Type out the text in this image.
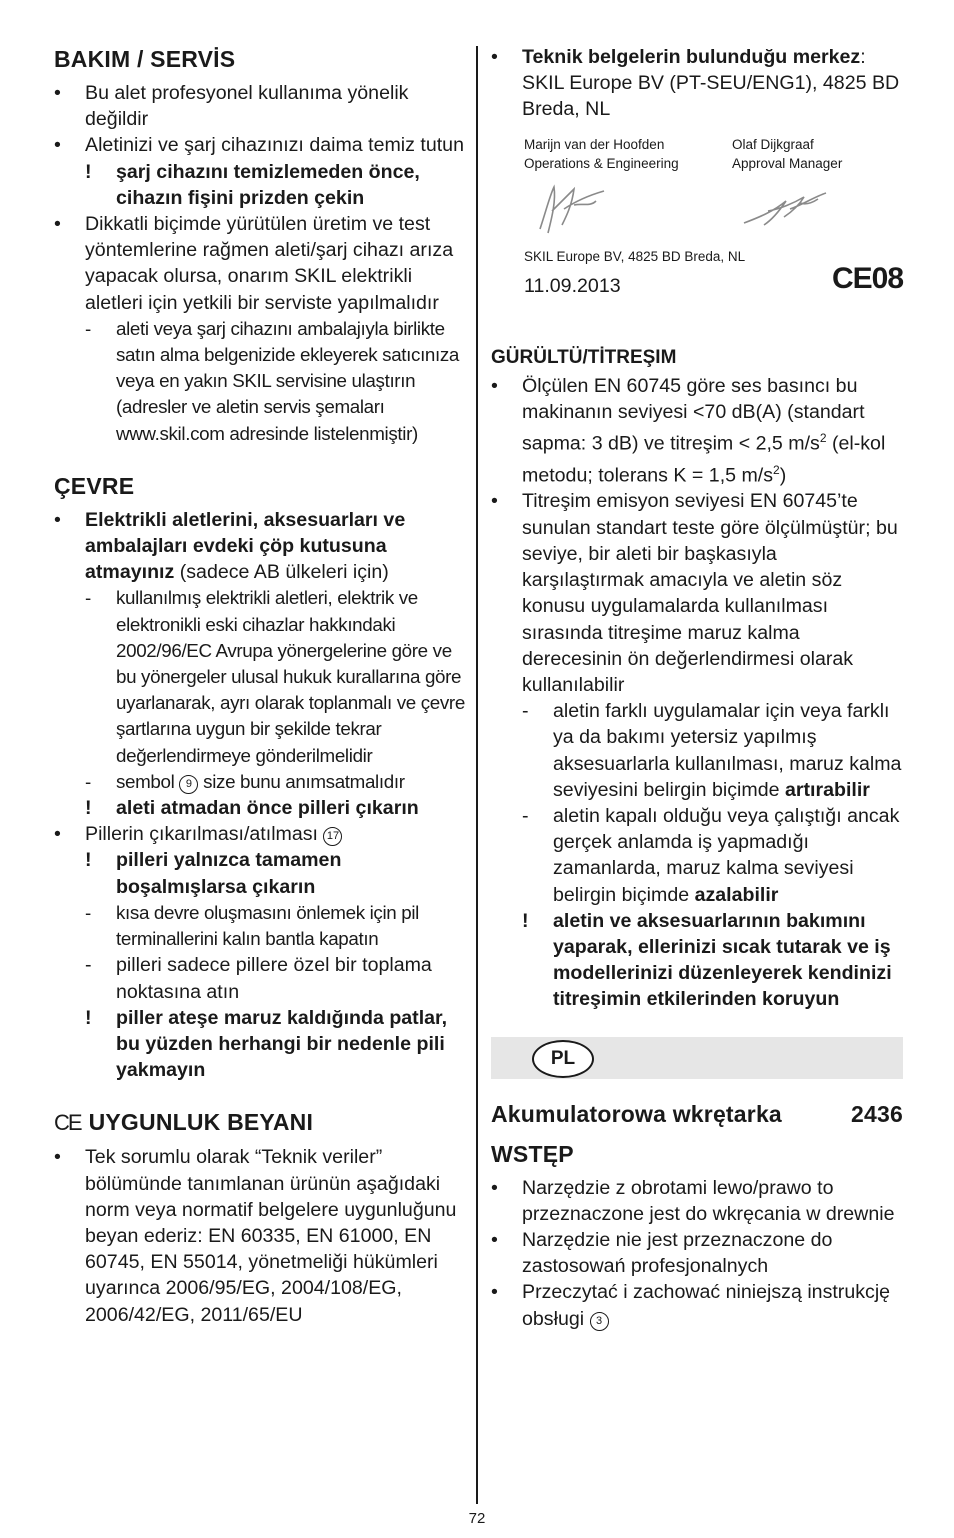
BAKIM / SERVİS
•	Bu alet profesyonel kullanıma yönelik değildir
•	Aletinizi ve şarj cihazınızı daima temiz tutun
!	şarj cihazını temizlemeden önce, cihazın fişini prizden çekin
•	Dikkatli biçimde yürütülen üretim ve test yöntemlerine rağmen aleti/şarj cihazı arıza yapacak olursa, onarım SKIL elektrikli aletleri için yetkili bir serviste yapılmalıdır
-	aleti veya şarj cihazını ambalajıyla birlikte satın alma belgenizide ekleyerek satıcınıza veya en yakın SKIL servisine ulaştırın (adresler ve aletin servis şemaları www.skil.com adresinde listelenmiştir)
ÇEVRE
•	Elektrikli aletlerini, aksesuarları ve ambalajları evdeki çöp kutusuna atmayınız (sadece AB ülkeleri için)
-	kullanılmış elektrikli aletleri, elektrik ve elektronikli eski cihazlar hakkındaki 2002/96/EC Avrupa yönergelerine göre ve bu yönergeler ulusal hukuk kurallarına göre uyarlanarak, ayrı olarak toplanmalı ve çevre şartlarına uygun bir şekilde tekrar değerlendirmeye gönderilmelidir
-	sembol 9 size bunu anımsatmalıdır
!	aleti atmadan önce pilleri çıkarın
•	Pillerin çıkarılması/atılması 17
!	pilleri yalnızca tamamen boşalmışlarsa çıkarın
-	kısa devre oluşmasını önlemek için pil terminallerini kalın bantla kapatın
-	pilleri sadece pillere özel bir toplama noktasına atın
!	piller ateşe maruz kaldığında patlar, bu yüzden herhangi bir nedenle pili yakmayın
CE UYGUNLUK BEYANI
•	Tek sorumlu olarak “Teknik veriler” bölümünde tanımlanan ürünün aşağıdaki norm veya normatif belgelere uygunluğunu beyan ederiz: EN 60335, EN 61000, EN 60745, EN 55014, yönetmeliği hükümleri uyarınca 2006/95/EG, 2004/108/EG, 2006/42/EG, 2011/65/EU
•	Teknik belgelerin bulunduğu merkez: SKIL Europe BV (PT-SEU/ENG1), 4825 BD Breda, NL
Marijn van der Hoofden
Operations & Engineering
Olaf Dijkgraaf
Approval Manager
SKIL Europe BV, 4825 BD Breda, NL
11.09.2013	CE08
GÜRÜLTÜ/TİTREŞIM
•	Ölçülen EN 60745 göre ses basıncı bu makinanın seviyesi <70 dB(A) (standart sapma: 3 dB) ve titreşim < 2,5 $m/s^2$ (el-kol metodu; tolerans K = 1,5 $m/s^2$)
•	Titreşim emisyon seviyesi EN 60745’te sunulan standart teste göre ölçülmüştür; bu seviye, bir aleti bir başkasıyla karşılaştırmak amacıyla ve aletin söz konusu uygulamalarda kullanılması sırasında titreşime maruz kalma derecesinin ön değerlendirmesi olarak kullanılabilir
-	aletin farklı uygulamalar için veya farklı ya da bakımı yetersiz yapılmış aksesuarlarla kullanılması, maruz kalma seviyesini belirgin biçimde artırabilir
-	aletin kapalı olduğu veya çalıştığı ancak gerçek anlamda iş yapmadığı zamanlarda, maruz kalma seviyesi belirgin biçimde azalabilir
!	aletin ve aksesuarlarının bakımını yaparak, ellerinizi sıcak tutarak ve iş modellerinizi düzenleyerek kendinizi titreşimin etkilerinden koruyun
PL
Akumulatorowa wkrętarka	2436
WSTĘP
•	Narzędzie z obrotami lewo/prawo to przeznaczone jest do wkręcania w drewnie
•	Narzędzie nie jest przeznaczone do zastosowań profesjonalnych
•	Przeczytać i zachować niniejszą instrukcję obsługi 3
72
